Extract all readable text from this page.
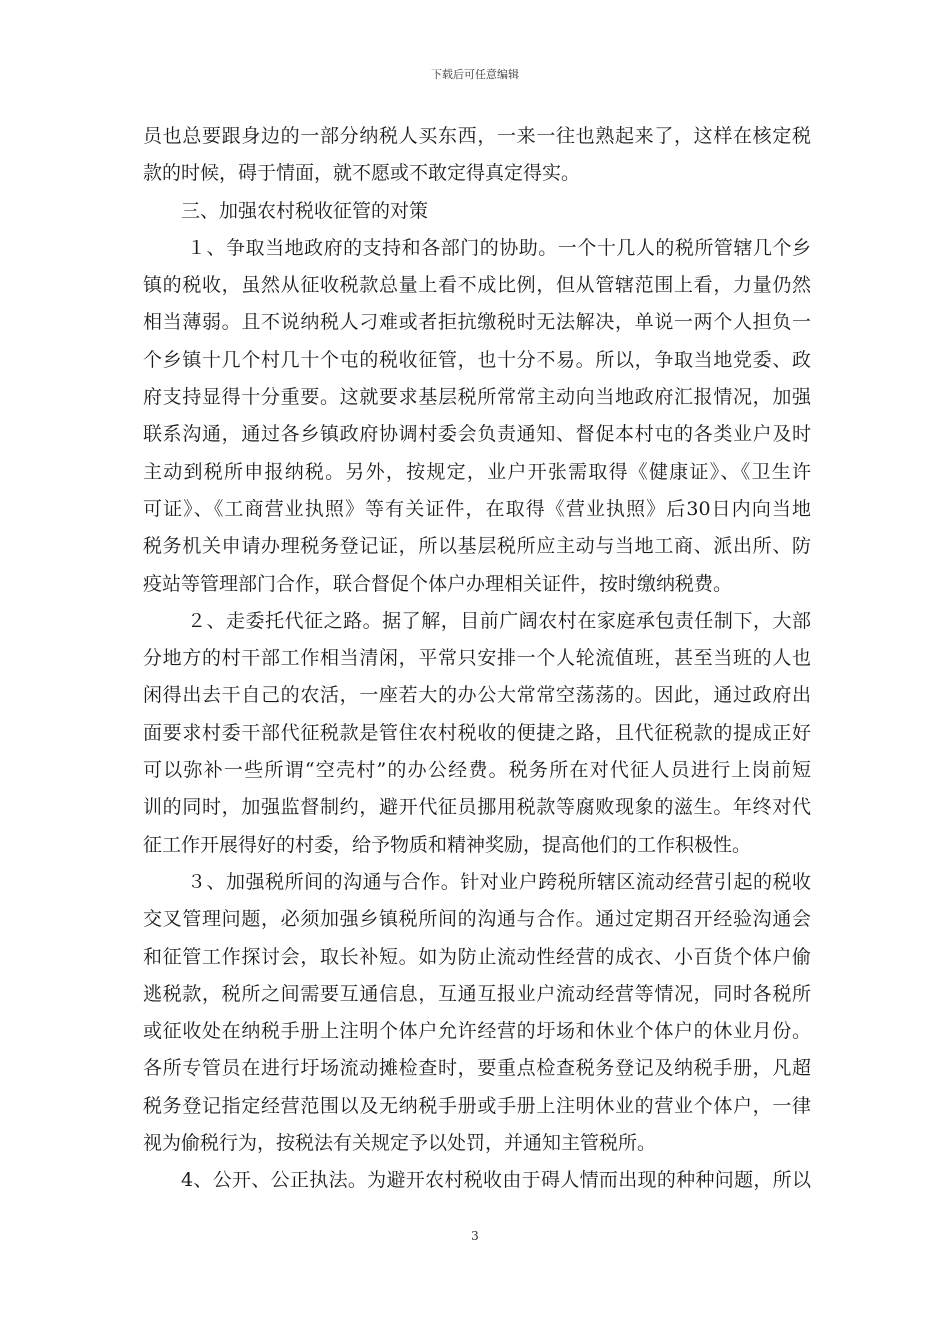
下载后可任意编辑
员也总要跟身边的一部分纳税人买东西，一来一往也熟起来了，这样在核定税
款的时候，碍于情面，就不愿或不敢定得真定得实。
三、加强农村税收征管的对策
１、争取当地政府的支持和各部门的协助。一个十几人的税所管辖几个乡
镇的税收，虽然从征收税款总量上看不成比例，但从管辖范围上看，力量仍然
相当薄弱。且不说纳税人刁难或者拒抗缴税时无法解决，单说一两个人担负一
个乡镇十几个村几十个屯的税收征管，也十分不易。所以，争取当地党委、政
府支持显得十分重要。这就要求基层税所常常主动向当地政府汇报情况，加强
联系沟通，通过各乡镇政府协调村委会负责通知、督促本村屯的各类业户及时
主动到税所申报纳税。另外，按规定，业户开张需取得《健康证》、《卫生许
可证》、《工商营业执照》等有关证件，在取得《营业执照》后30日内向当地
税务机关申请办理税务登记证，所以基层税所应主动与当地工商、派出所、防
疫站等管理部门合作，联合督促个体户办理相关证件，按时缴纳税费。
２、走委托代征之路。据了解，目前广阔农村在家庭承包责任制下，大部
分地方的村干部工作相当清闲，平常只安排一个人轮流值班，甚至当班的人也
闲得出去干自己的农活，一座若大的办公大常常空荡荡的。因此，通过政府出
面要求村委干部代征税款是管住农村税收的便捷之路，且代征税款的提成正好
可以弥补一些所谓“空壳村”的办公经费。税务所在对代征人员进行上岗前短
训的同时，加强监督制约，避开代征员挪用税款等腐败现象的滋生。年终对代
征工作开展得好的村委，给予物质和精神奖励，提高他们的工作积极性。
３、加强税所间的沟通与合作。针对业户跨税所辖区流动经营引起的税收
交叉管理问题，必须加强乡镇税所间的沟通与合作。通过定期召开经验沟通会
和征管工作探讨会，取长补短。如为防止流动性经营的成衣、小百货个体户偷
逃税款，税所之间需要互通信息，互通互报业户流动经营等情况，同时各税所
或征收处在纳税手册上注明个体户允许经营的圩场和休业个体户的休业月份。
各所专管员在进行圩场流动摊检查时，要重点检查税务登记及纳税手册，凡超
税务登记指定经营范围以及无纳税手册或手册上注明休业的营业个体户，一律
视为偷税行为，按税法有关规定予以处罚，并通知主管税所。
4、公开、公正执法。为避开农村税收由于碍人情而出现的种种问题，所以
3
